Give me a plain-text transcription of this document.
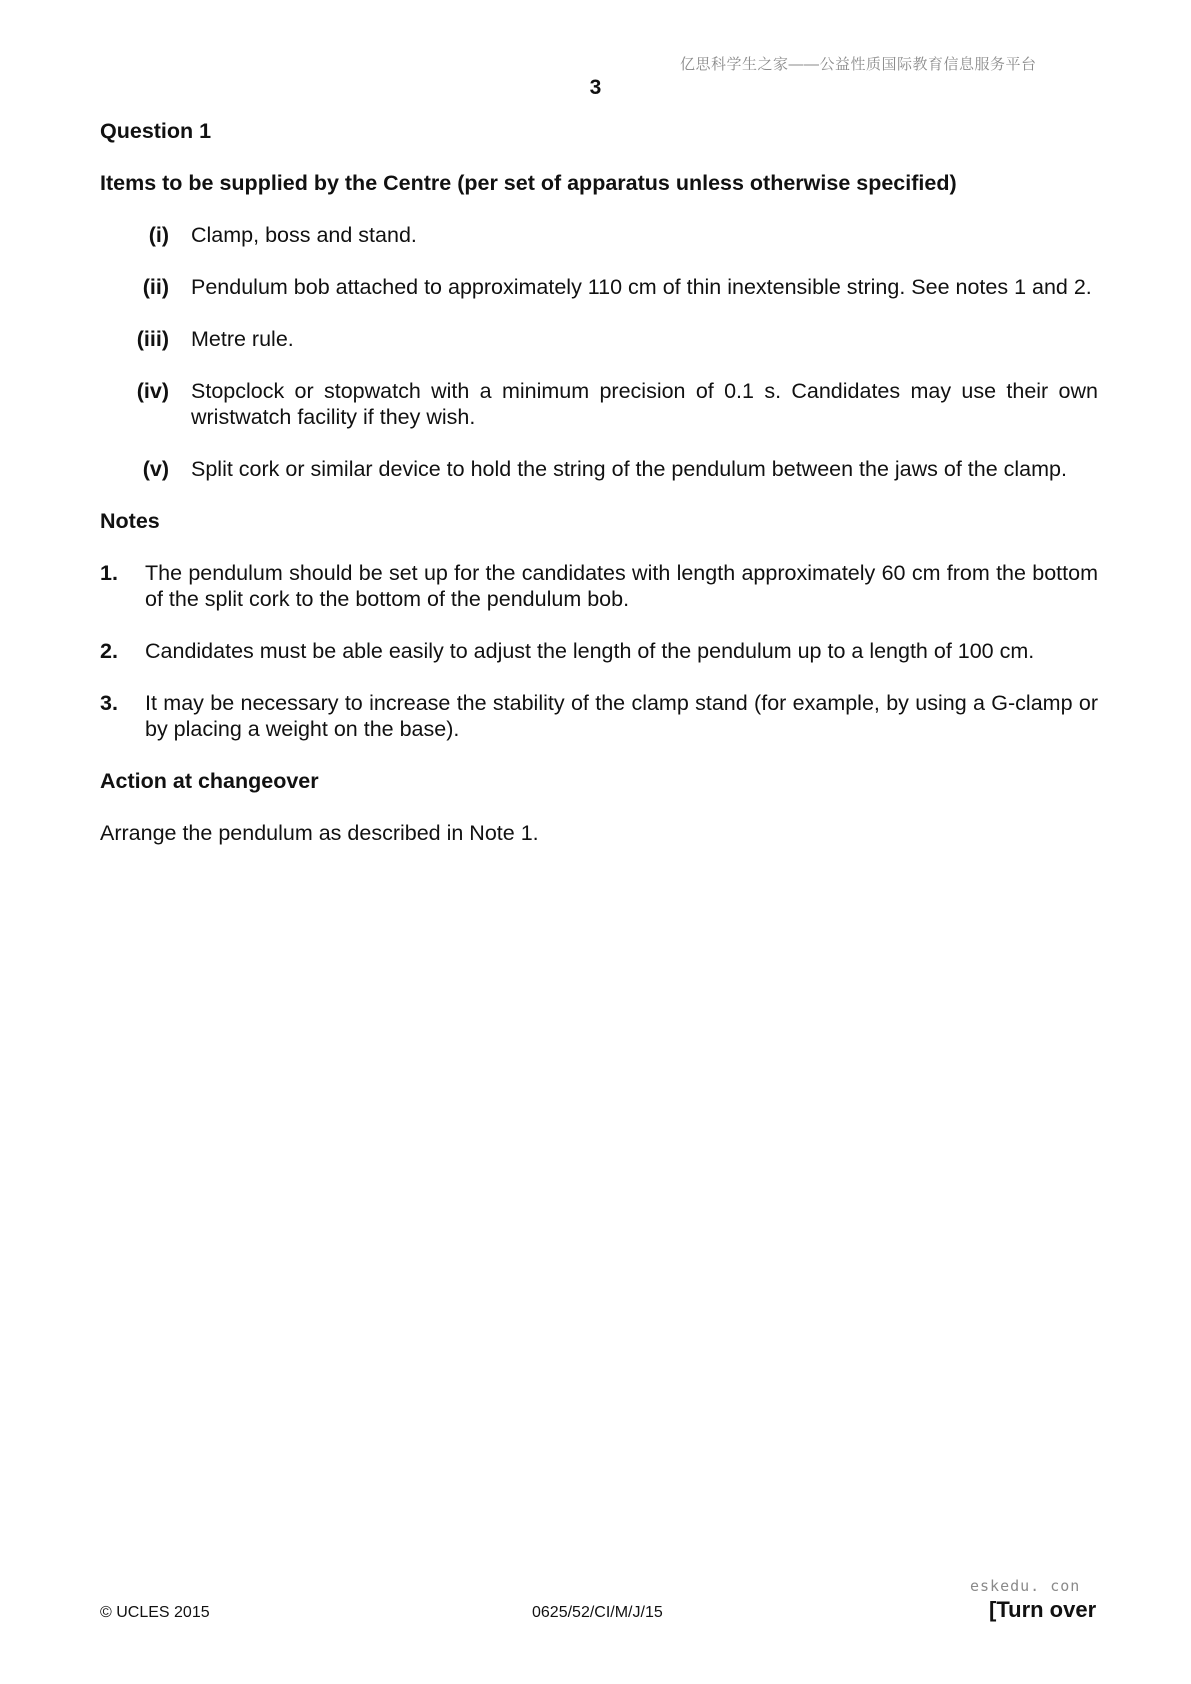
亿思科学生之家——公益性质国际教育信息服务平台
3

Question 1

Items to be supplied by the Centre (per set of apparatus unless otherwise specified)

(i) Clamp, boss and stand.
(ii) Pendulum bob attached to approximately 110 cm of thin inextensible string. See notes 1 and 2.
(iii) Metre rule.
(iv) Stopclock or stopwatch with a minimum precision of 0.1 s. Candidates may use their own wristwatch facility if they wish.
(v) Split cork or similar device to hold the string of the pendulum between the jaws of the clamp.

Notes

1.	The pendulum should be set up for the candidates with length approximately 60 cm from the bottom of the split cork to the bottom of the pendulum bob.
2.	Candidates must be able easily to adjust the length of the pendulum up to a length of 100 cm.
3.	It may be necessary to increase the stability of the clamp stand (for example, by using a G-clamp or by placing a weight on the base).

Action at changeover

Arrange the pendulum as described in Note 1.

eskedu. con
© UCLES 2015	0625/52/CI/M/J/15	[Turn over
